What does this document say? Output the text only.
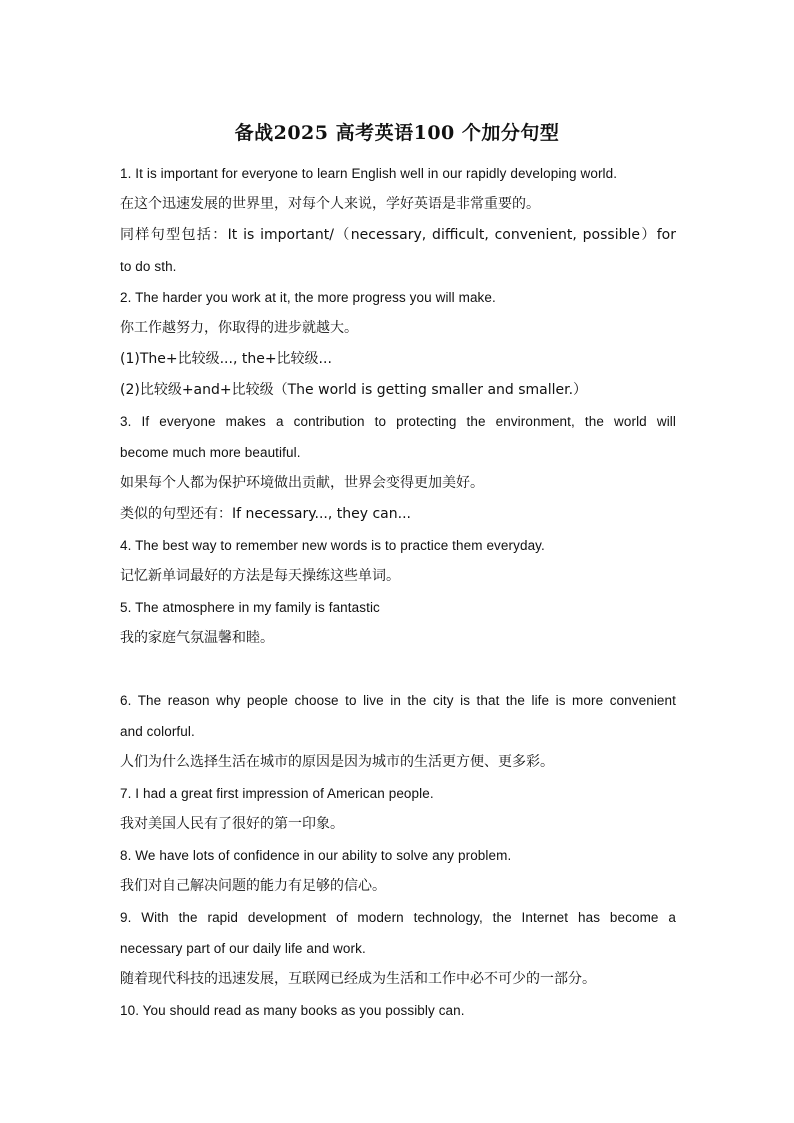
备战2025 高考英语100 个加分句型
1. It is important for everyone to learn English well in our rapidly developing world.
在这个迅速发展的世界里，对每个人来说，学好英语是非常重要的。
同样句型包括：It is important/（necessary, difficult, convenient, possible）for
to do sth.
2. The harder you work at it, the more progress you will make.
你工作越努力，你取得的进步就越大。
(1)The+比较级..., the+比较级...
(2)比较级+and+比较级（The world is getting smaller and smaller.）
3. If everyone makes a contribution to protecting the environment, the world will
become much more beautiful.
如果每个人都为保护环境做出贡献，世界会变得更加美好。
类似的句型还有：If necessary..., they can...
4. The best way to remember new words is to practice them everyday.
记忆新单词最好的方法是每天操练这些单词。
5. The atmosphere in my family is fantastic
我的家庭气氛温馨和睦。
6. The reason why people choose to live in the city is that the life is more convenient
and colorful.
人们为什么选择生活在城市的原因是因为城市的生活更方便、更多彩。
7. I had a great first impression of American people.
我对美国人民有了很好的第一印象。
8. We have lots of confidence in our ability to solve any problem.
我们对自己解决问题的能力有足够的信心。
9. With the rapid development of modern technology, the Internet has become a
necessary part of our daily life and work.
随着现代科技的迅速发展，互联网已经成为生活和工作中必不可少的一部分。
10. You should read as many books as you possibly can.
